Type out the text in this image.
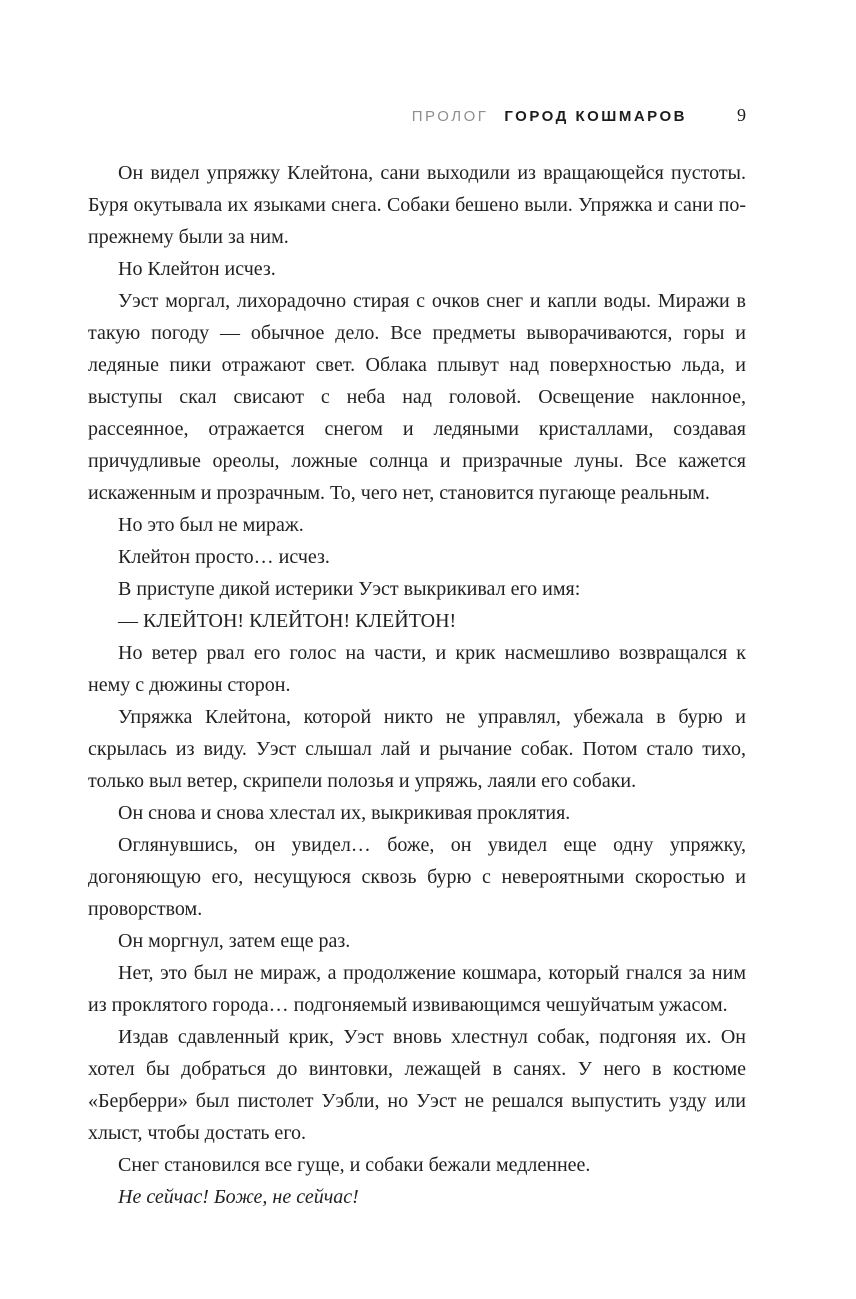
ПРОЛОГ ГОРОД КОШМАРОВ	9

Он видел упряжку Клейтона, сани выходили из вращающейся пустоты. Буря окутывала их языками снега. Собаки бешено выли. Упряжка и сани по-прежнему были за ним.

Но Клейтон исчез.

Уэст моргал, лихорадочно стирая с очков снег и капли воды. Миражи в такую погоду — обычное дело. Все предметы выворачиваются, горы и ледяные пики отражают свет. Облака плывут над поверхностью льда, и выступы скал свисают с неба над головой. Освещение наклонное, рассеянное, отражается снегом и ледяными кристаллами, создавая причудливые ореолы, ложные солнца и призрачные луны. Все кажется искаженным и прозрачным. То, чего нет, становится пугающе реальным.

Но это был не мираж.

Клейтон просто… исчез.

В приступе дикой истерики Уэст выкрикивал его имя:

— КЛЕЙТОН! КЛЕЙТОН! КЛЕЙТОН!

Но ветер рвал его голос на части, и крик насмешливо возвращался к нему с дюжины сторон.

Упряжка Клейтона, которой никто не управлял, убежала в бурю и скрылась из виду. Уэст слышал лай и рычание собак. Потом стало тихо, только выл ветер, скрипели полозья и упряжь, лаяли его собаки.

Он снова и снова хлестал их, выкрикивая проклятия.

Оглянувшись, он увидел… боже, он увидел еще одну упряжку, догоняющую его, несущуюся сквозь бурю с невероятными скоростью и проворством.

Он моргнул, затем еще раз.

Нет, это был не мираж, а продолжение кошмара, который гнался за ним из проклятого города… подгоняемый извивающимся чешуйчатым ужасом.

Издав сдавленный крик, Уэст вновь хлестнул собак, подгоняя их. Он хотел бы добраться до винтовки, лежащей в санях. У него в костюме «Берберри» был пистолет Уэбли, но Уэст не решался выпустить узду или хлыст, чтобы достать его.

Снег становился все гуще, и собаки бежали медленнее.

Не сейчас! Боже, не сейчас!
